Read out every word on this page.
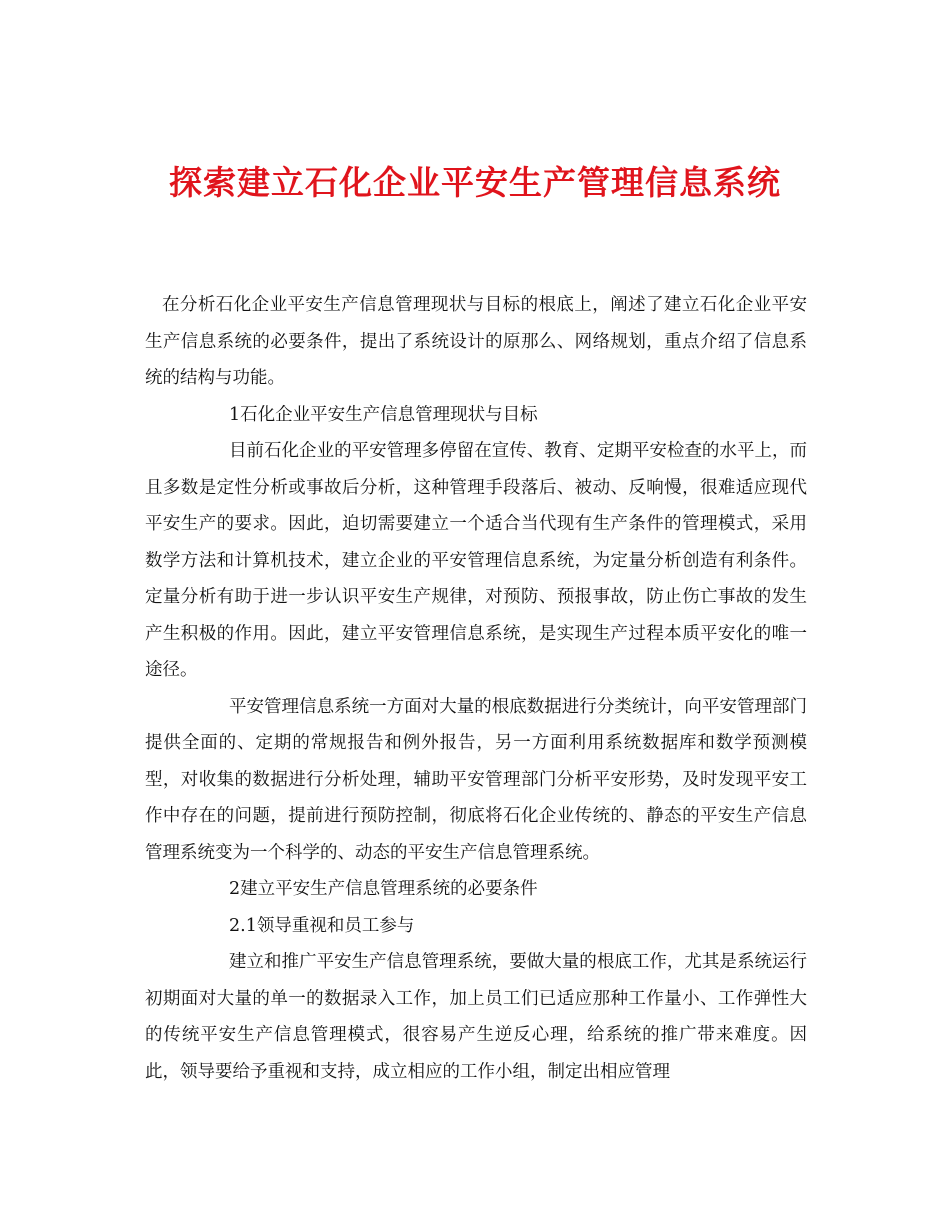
探索建立石化企业平安生产管理信息系统

在分析石化企业平安生产信息管理现状与目标的根底上，阐述了建立石化企业平安生产信息系统的必要条件，提出了系统设计的原那么、网络规划，重点介绍了信息系统的结构与功能。

1石化企业平安生产信息管理现状与目标

目前石化企业的平安管理多停留在宣传、教育、定期平安检查的水平上，而且多数是定性分析或事故后分析，这种管理手段落后、被动、反响慢，很难适应现代平安生产的要求。因此，迫切需要建立一个适合当代现有生产条件的管理模式，采用数学方法和计算机技术，建立企业的平安管理信息系统，为定量分析创造有利条件。定量分析有助于进一步认识平安生产规律，对预防、预报事故，防止伤亡事故的发生产生积极的作用。因此，建立平安管理信息系统，是实现生产过程本质平安化的唯一途径。

平安管理信息系统一方面对大量的根底数据进行分类统计，向平安管理部门提供全面的、定期的常规报告和例外报告，另一方面利用系统数据库和数学预测模型，对收集的数据进行分析处理，辅助平安管理部门分析平安形势，及时发现平安工作中存在的问题，提前进行预防控制，彻底将石化企业传统的、静态的平安生产信息管理系统变为一个科学的、动态的平安生产信息管理系统。

2建立平安生产信息管理系统的必要条件

2.1领导重视和员工参与

建立和推广平安生产信息管理系统，要做大量的根底工作，尤其是系统运行初期面对大量的单一的数据录入工作，加上员工们已适应那种工作量小、工作弹性大的传统平安生产信息管理模式，很容易产生逆反心理，给系统的推广带来难度。因此，领导要给予重视和支持，成立相应的工作小组，制定出相应管理
